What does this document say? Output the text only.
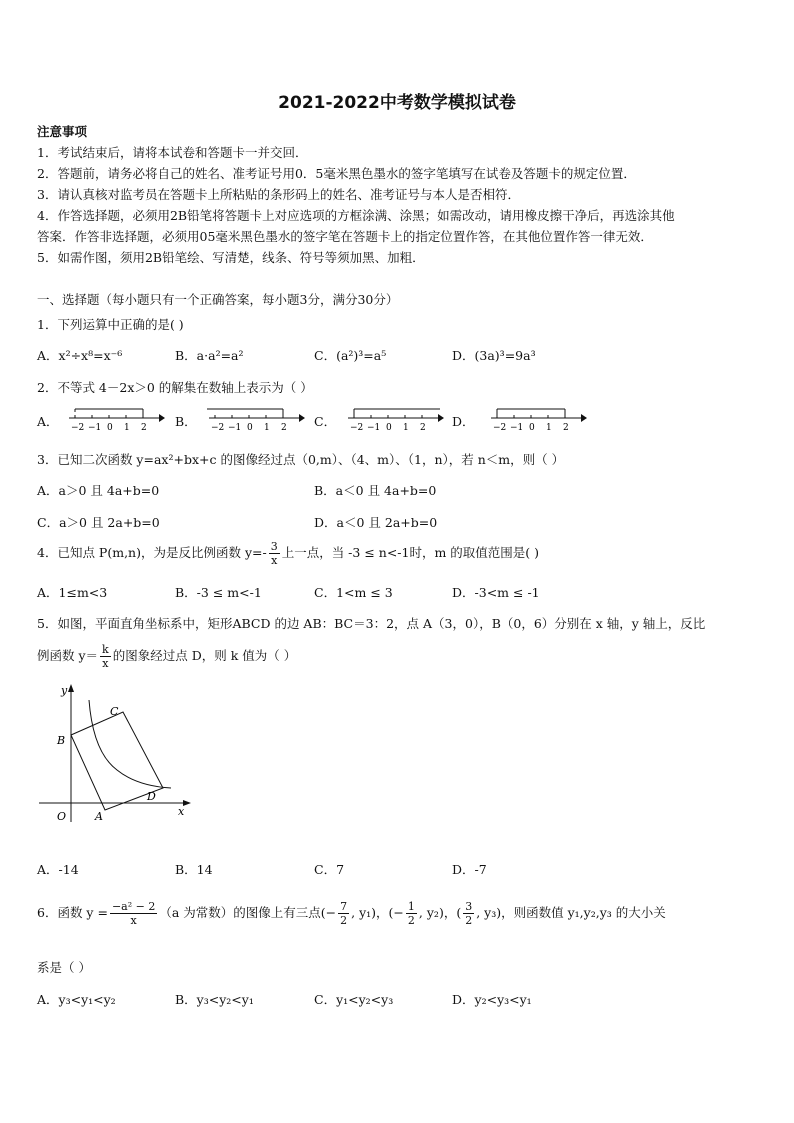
2021-2022中考数学模拟试卷
注意事项
1．考试结束后，请将本试卷和答题卡一并交回．
2．答题前，请务必将自己的姓名、准考证号用0．5毫米黑色墨水的签字笔填写在试卷及答题卡的规定位置．
3．请认真核对监考员在答题卡上所粘贴的条形码上的姓名、准考证号与本人是否相符．
4．作答选择题，必须用2B铅笔将答题卡上对应选项的方框涂满、涂黑；如需改动，请用橡皮擦干净后，再选涂其他
答案．作答非选择题，必须用05毫米黑色墨水的签字笔在答题卡上的指定位置作答，在其他位置作答一律无效．
5．如需作图，须用2B铅笔绘、写清楚，线条、符号等须加黑、加粗．
一、选择题（每小题只有一个正确答案，每小题3分，满分30分）
1．下列运算中正确的是( )
A．x²÷x⁸=x⁻⁶	B．a·a²=a²	C．(a²)³=a⁵	D．(3a)³=9a³
2．不等式 4－2x＞0 的解集在数轴上表示为（ ）
A． −2 −1 0 1 2 B． −2 −1 0 1 2 C． −2 −1 0 1 2 D． −2 −1 0 1 2
3．已知二次函数 y=ax²+bx+c 的图像经过点（0,m）、（4、m）、（1，n），若 n＜m，则（ ）
A．a＞0 且 4a+b=0	B．a＜0 且 4a+b=0
C．a＞0 且 2a+b=0	D．a＜0 且 2a+b=0
4．已知点 P(m,n)，为是反比例函数 $y=- \frac{3}{x}$ 上一点，当 -3 ≤ n<-1时，m 的取值范围是( )
A．1≤m<3	B．-3 ≤ m<-1	C．1<m ≤ 3	D．-3<m ≤ -1
5．如图，平面直角坐标系中，矩形ABCD 的边 AB：BC＝3：2，点 A（3，0），B（0，6）分别在 x 轴，y 轴上，反比
例函数 $y= \frac{k}{x}$ 的图象经过点 D，则 k 值为（ ）
y
x
O	A
B
C
D
A．-14	B．14	C．7	D．-7
6．函数 $y = \frac{\text{−a² − 2}}{x} (a$ 为常数）的图像上有三点(− $\frac{7}{2}$ , y₁)，(− $\frac{1}{2}$ , y₂)，( $\frac{3}{2}$ , y₃)，则函数值 y₁,y₂,y₃ 的大小关
系是（ ）
A．y₃<y₁<y₂	B．y₃<y₂<y₁	C．y₁<y₂<y₃	D．y₂<y₃<y₁
